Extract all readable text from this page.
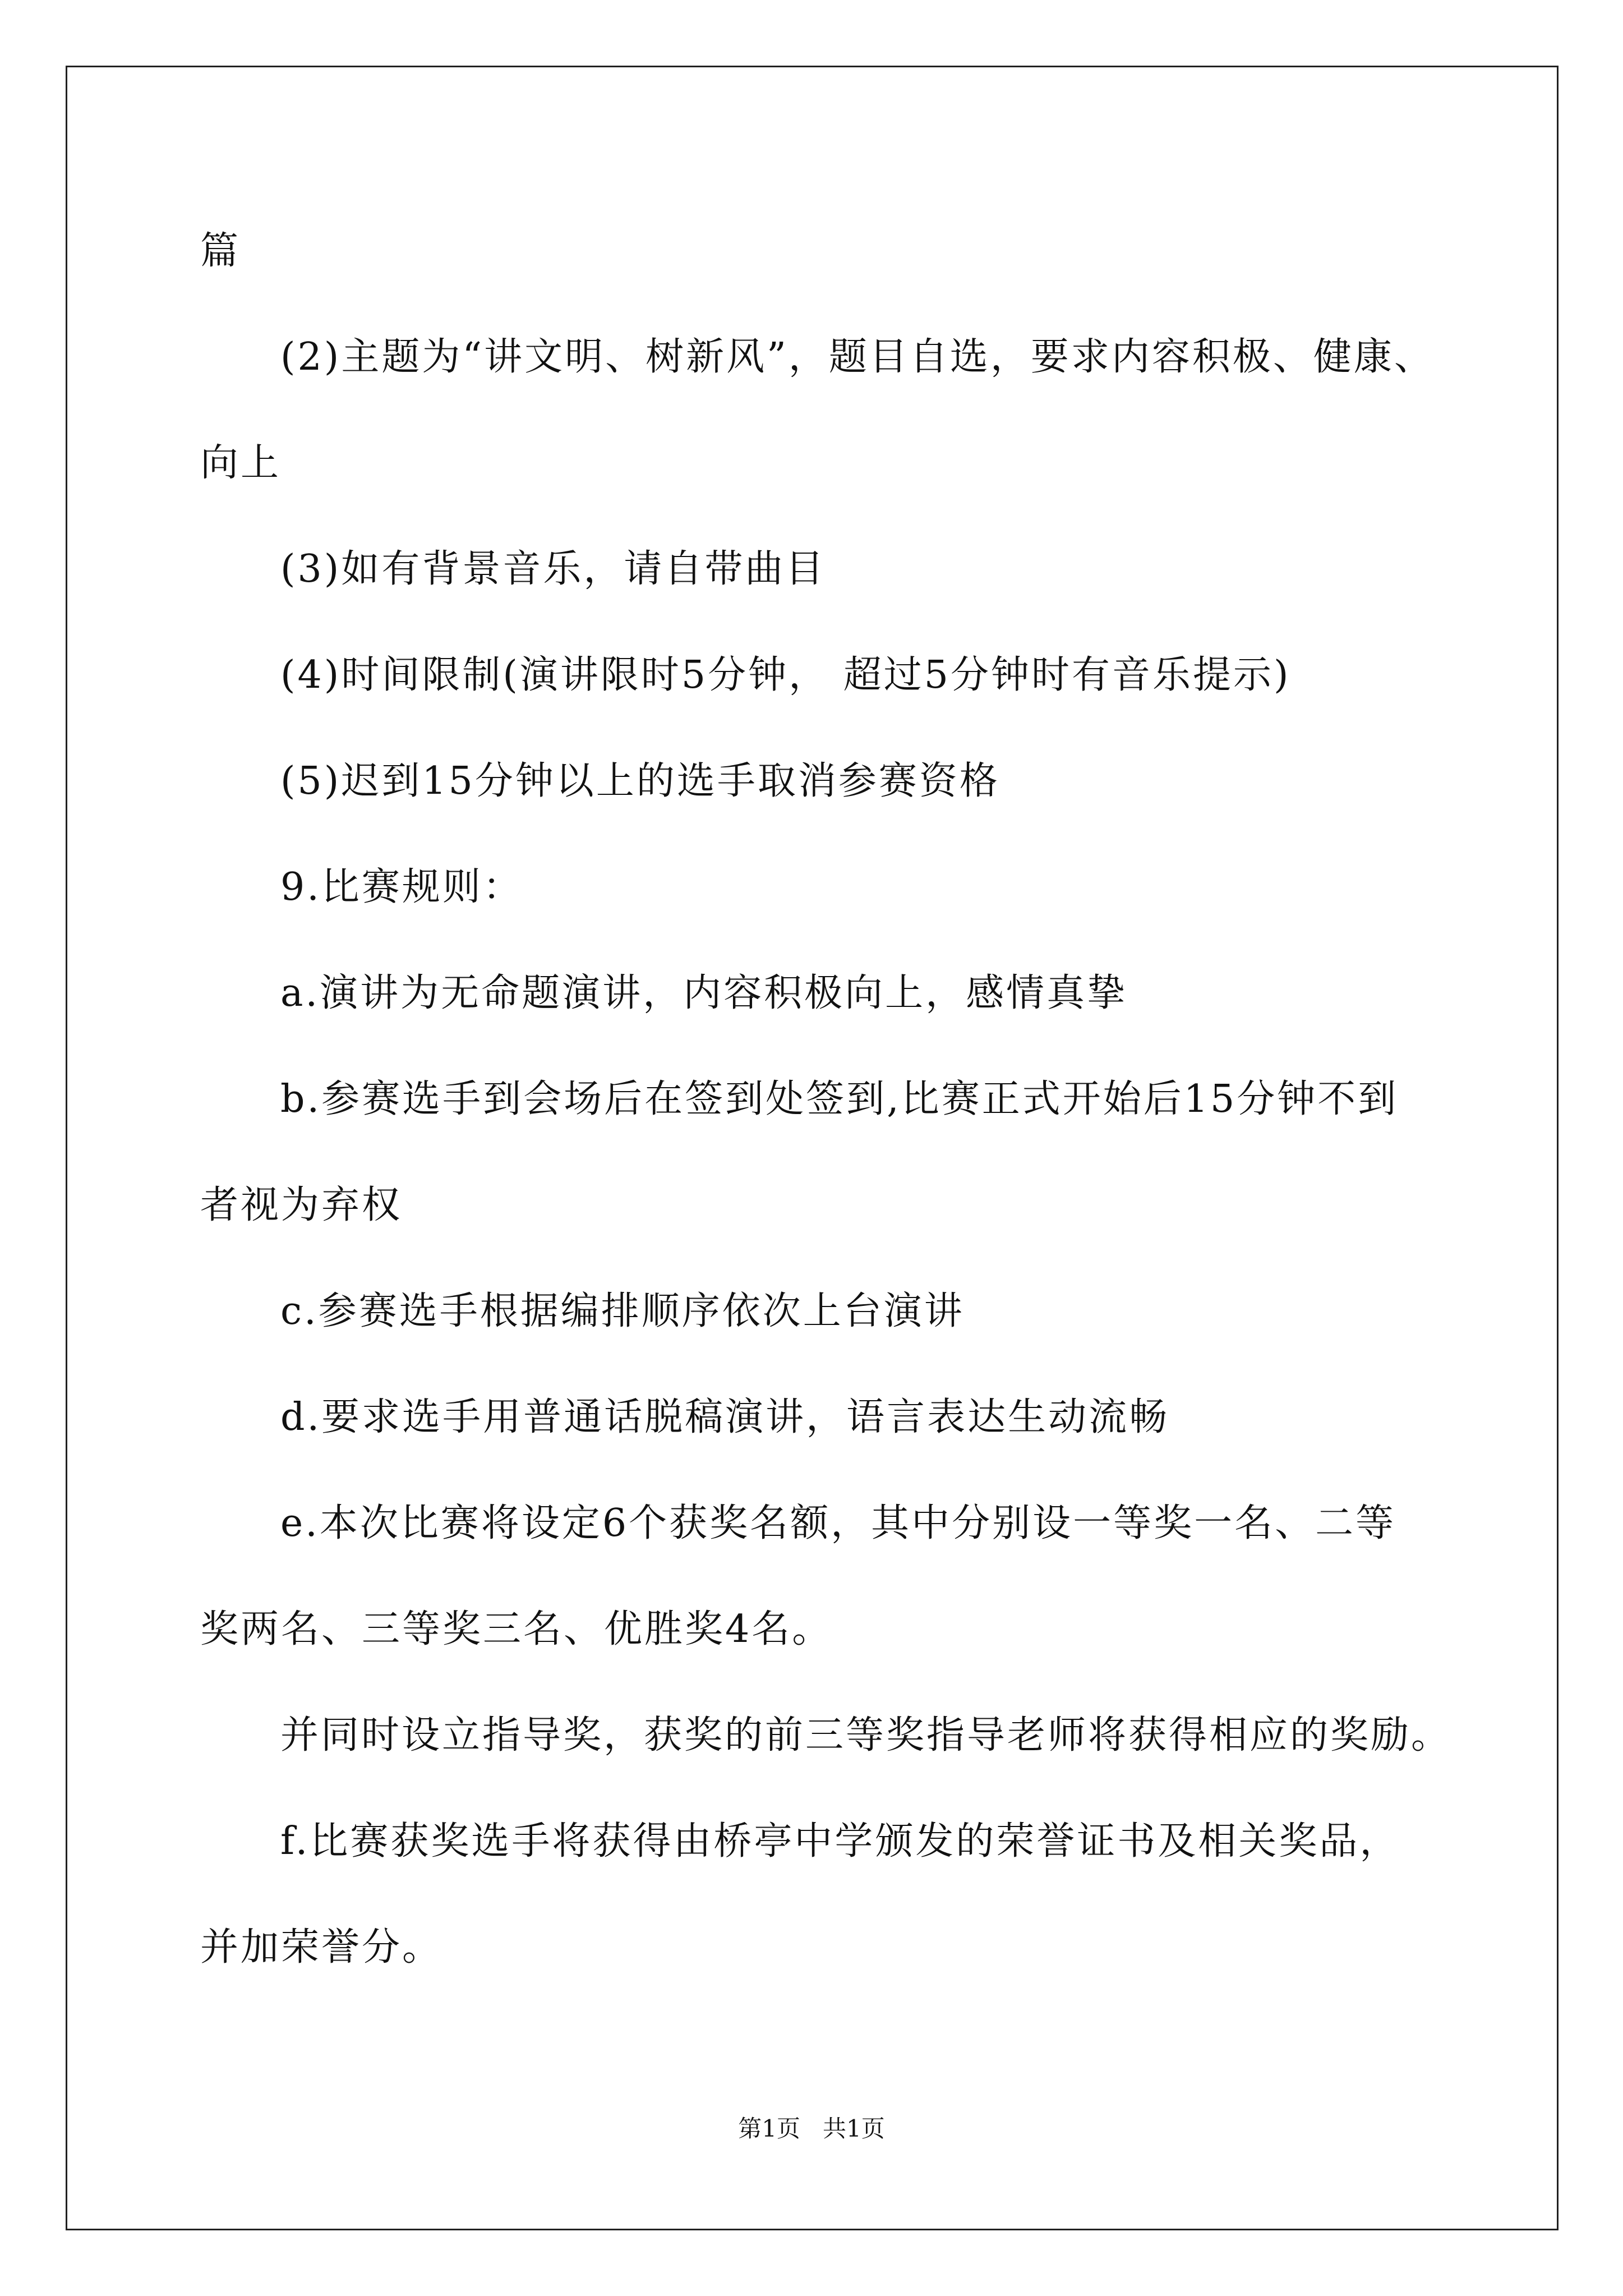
篇
(2)主题为“讲文明、树新风”，题目自选，要求内容积极、健康、
向上
(3)如有背景音乐，请自带曲目
(4)时间限制(演讲限时5分钟， 超过5分钟时有音乐提示)
(5)迟到15分钟以上的选手取消参赛资格
9.比赛规则：
a.演讲为无命题演讲，内容积极向上，感情真挚
b.参赛选手到会场后在签到处签到,比赛正式开始后15分钟不到
者视为弃权
c.参赛选手根据编排顺序依次上台演讲
d.要求选手用普通话脱稿演讲，语言表达生动流畅
e.本次比赛将设定6个获奖名额，其中分别设一等奖一名、二等
奖两名、三等奖三名、优胜奖4名。
并同时设立指导奖，获奖的前三等奖指导老师将获得相应的奖励。
f.比赛获奖选手将获得由桥亭中学颁发的荣誉证书及相关奖品，
并加荣誉分。
第1页   共1页
